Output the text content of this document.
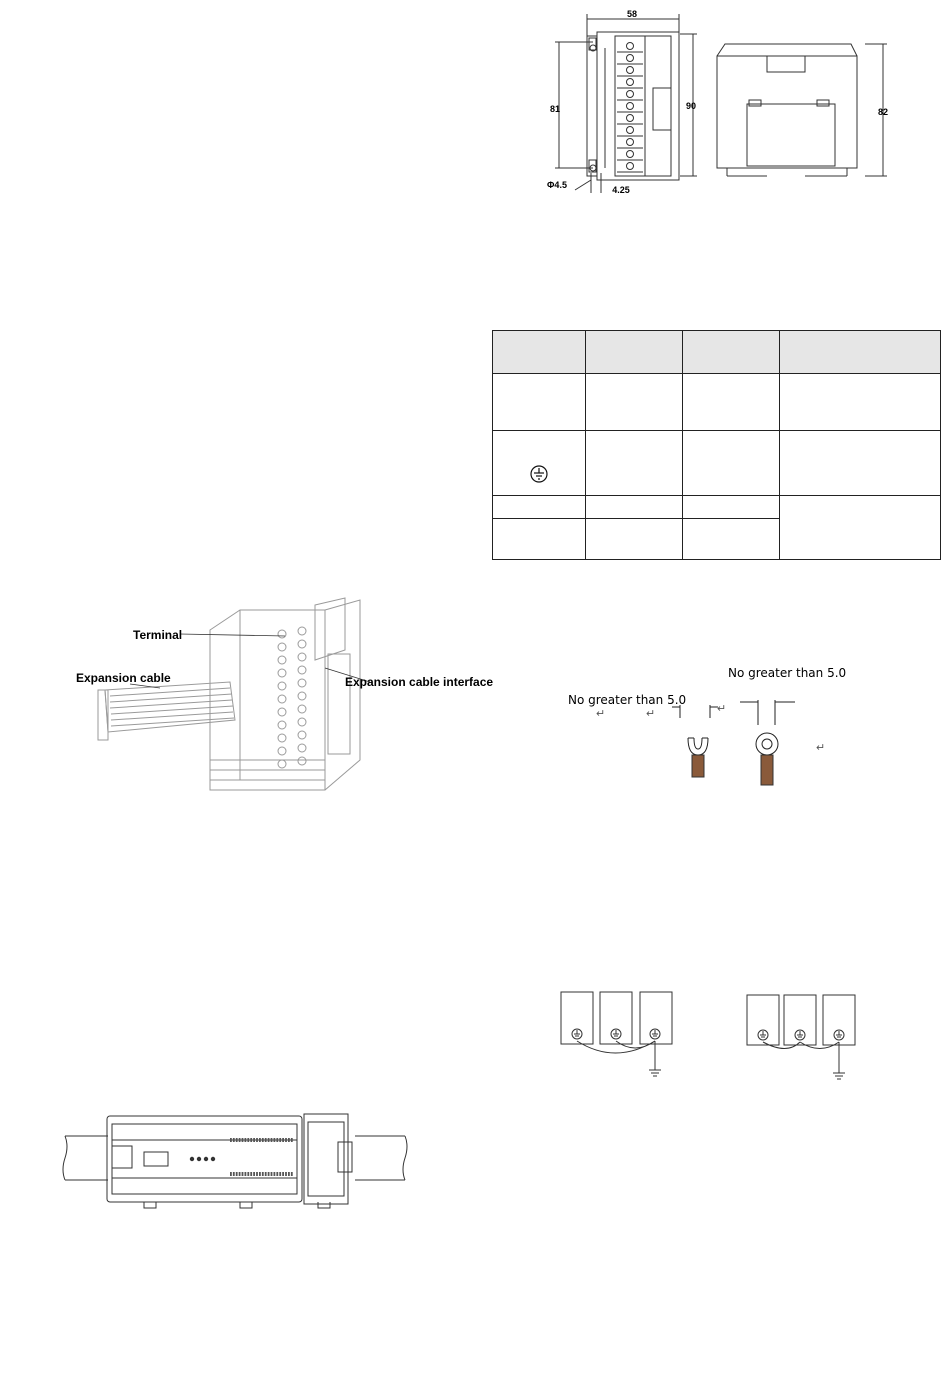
58
81	90
Φ4.5	4.25
82

Terminal
Expansion cable	Expansion cable interface
No greater than 5.0
No greater than 5.0
↵	↵	↵
↵
